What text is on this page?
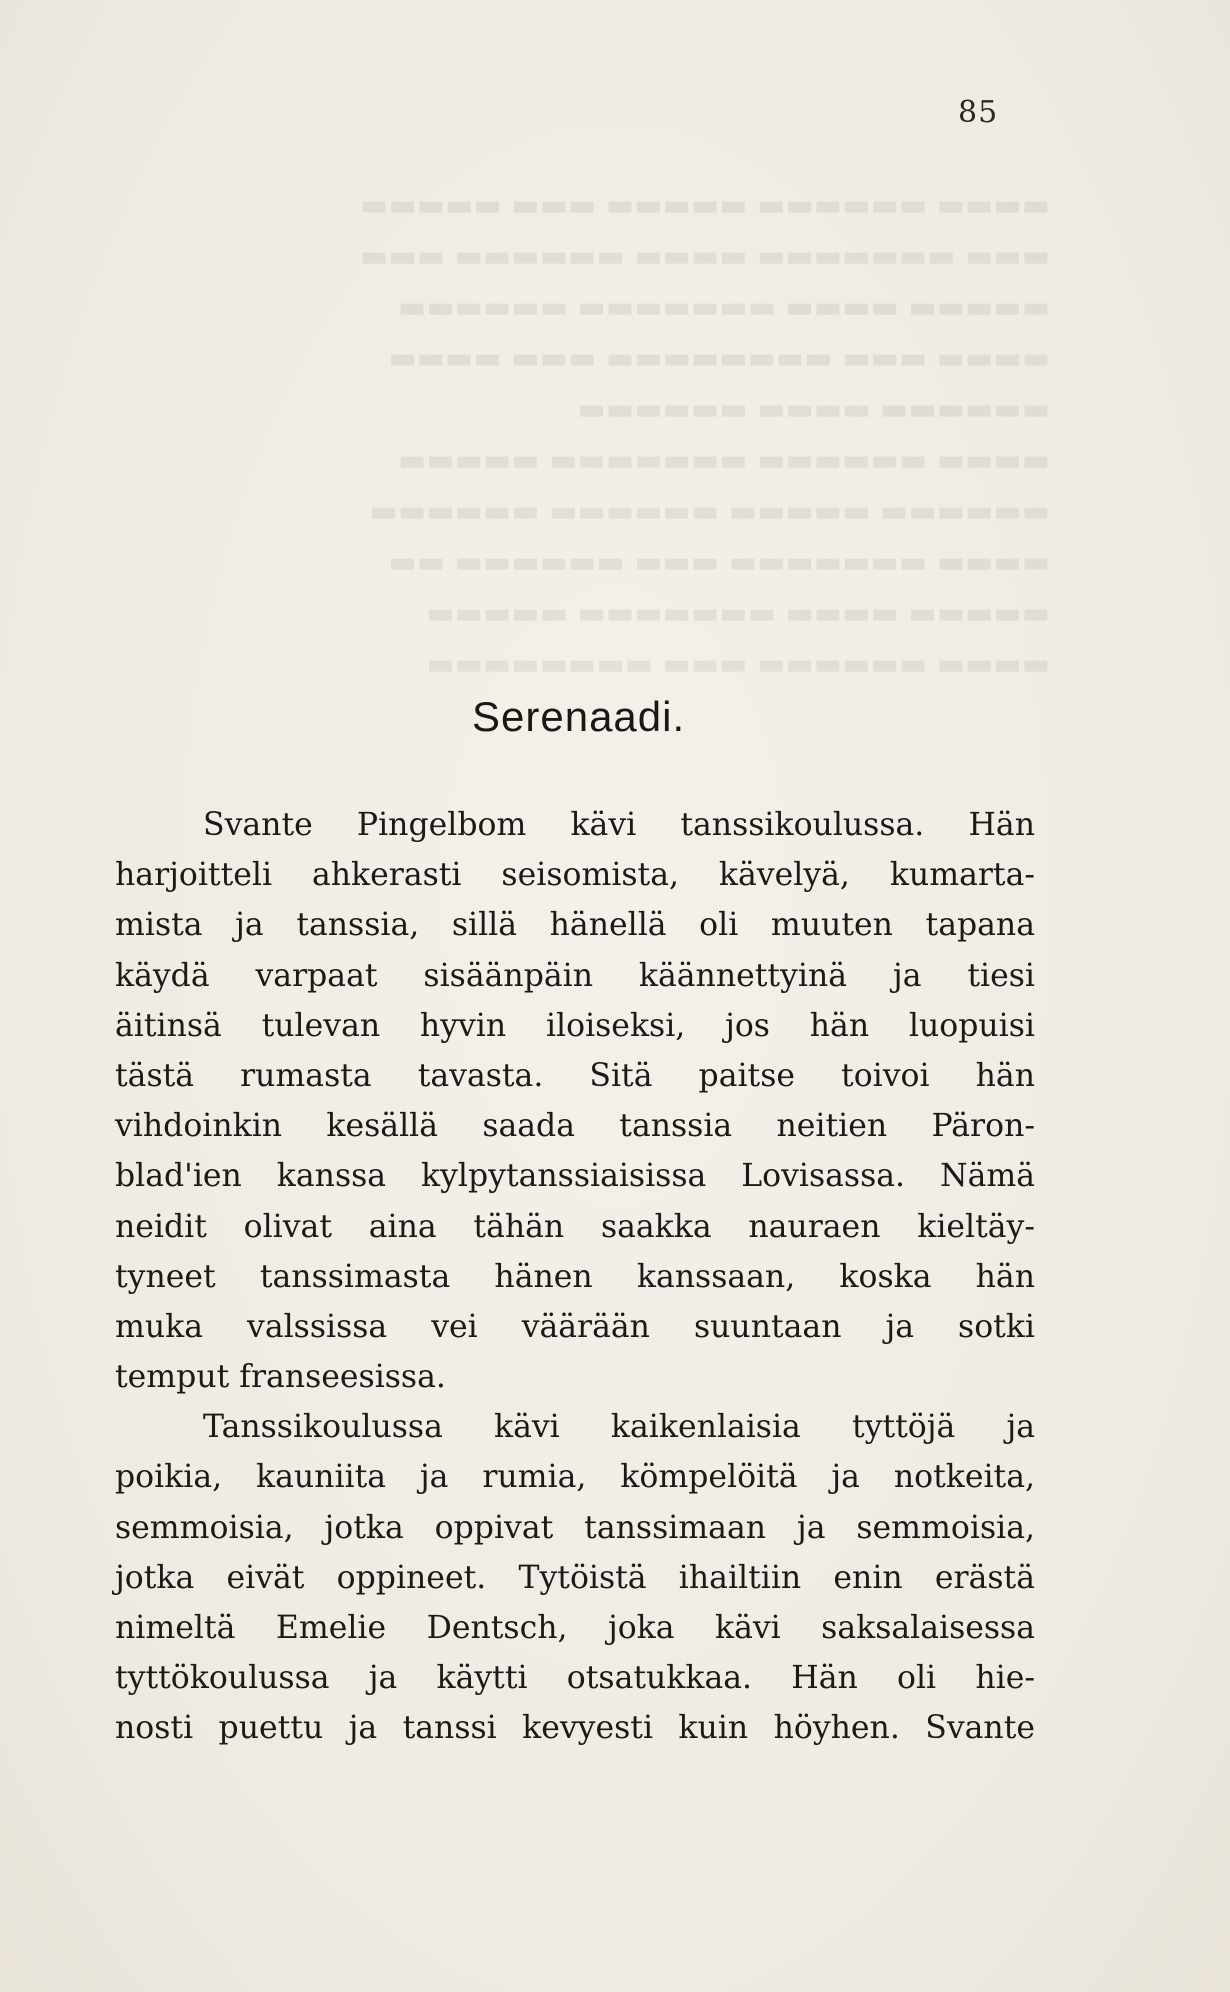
85
▬▬▬▬ ▬▬▬▬▬▬ ▬▬▬▬▬ ▬▬▬ ▬▬▬▬▬
▬▬▬ ▬▬▬▬▬▬▬ ▬▬▬▬ ▬▬▬▬▬▬ ▬▬▬
▬▬▬▬▬ ▬▬▬▬ ▬▬▬▬▬▬▬ ▬▬▬▬▬▬
▬▬▬▬ ▬▬▬ ▬▬▬▬▬▬▬▬ ▬▬▬ ▬▬▬▬
▬▬▬▬▬▬ ▬▬▬▬ ▬▬▬▬▬▬
▬▬▬▬ ▬▬▬▬▬▬ ▬▬▬▬▬▬▬ ▬▬▬▬▬
▬▬▬▬▬▬ ▬▬▬▬▬ ▬▬▬▬▬▬ ▬▬▬▬▬▬
▬▬▬▬ ▬▬▬▬▬▬▬ ▬▬▬ ▬▬▬▬▬▬ ▬▬
▬▬▬▬▬ ▬▬▬▬ ▬▬▬▬▬▬▬ ▬▬▬▬▬
▬▬▬▬ ▬▬▬▬▬▬ ▬▬▬ ▬▬▬▬▬▬▬▬
Serenaadi.
Svante Pingelbom kävi tanssikoulussa. Hän
harjoitteli ahkerasti seisomista, kävelyä, kumarta-
mista ja tanssia, sillä hänellä oli muuten tapana
käydä varpaat sisäänpäin käännettyinä ja tiesi
äitinsä tulevan hyvin iloiseksi, jos hän luopuisi
tästä rumasta tavasta. Sitä paitse toivoi hän
vihdoinkin kesällä saada tanssia neitien Päron-
blad'ien kanssa kylpytanssiaisissa Lovisassa. Nämä
neidit olivat aina tähän saakka nauraen kieltäy-
tyneet tanssimasta hänen kanssaan, koska hän
muka valssissa vei väärään suuntaan ja sotki
temput franseesissa.
Tanssikoulussa kävi kaikenlaisia tyttöjä ja
poikia, kauniita ja rumia, kömpelöitä ja notkeita,
semmoisia, jotka oppivat tanssimaan ja semmoisia,
jotka eivät oppineet. Tytöistä ihailtiin enin erästä
nimeltä Emelie Dentsch, joka kävi saksalaisessa
tyttökoulussa ja käytti otsatukkaa. Hän oli hie-
nosti puettu ja tanssi kevyesti kuin höyhen. Svante
